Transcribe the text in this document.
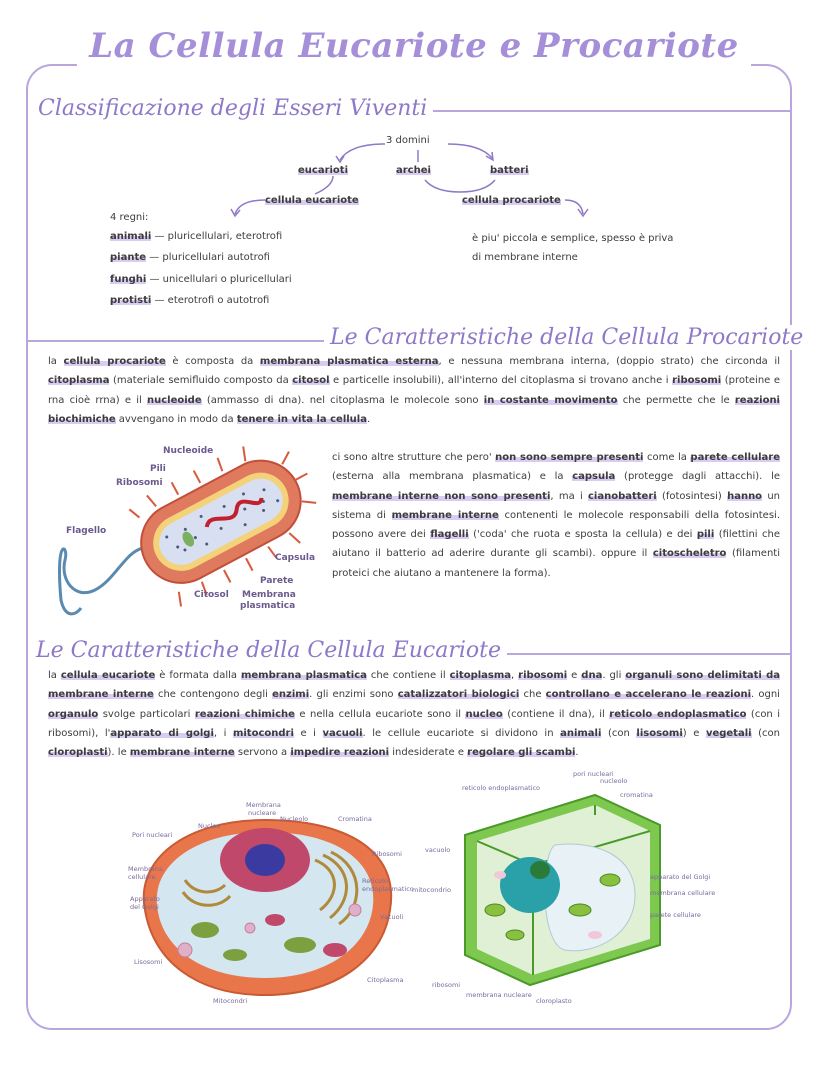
La Cellula Eucariote e Procariote
Classificazione degli Esseri Viventi
3 domini
eucarioti	archei	batteri
cellula eucariote	cellula procariote
4 regni:
animali — pluricellulari, eterotrofi
piante — pluricellulari autotrofi
funghi — unicellulari o pluricellulari
protisti — eterotrofi o autotrofi
è piu' piccola e semplice, spesso è priva
di membrane interne
Le Caratteristiche della Cellula Procariote
la cellula procariote è composta da membrana plasmatica esterna, e nessuna membrana interna, (doppio strato) che circonda il citoplasma (materiale semifluido composto da citosol e particelle insolubili), all'interno del citoplasma si trovano anche i ribosomi (proteine e rna cioè rrna) e il nucleoide (ammasso di dna). nel citoplasma le molecole sono in costante movimento che permette che le reazioni biochimiche avvengano in modo da tenere in vita la cellula.
Nucleoide
Pili
Ribosomi
Flagello
Capsula
Parete
Citosol Membrana
plasmatica
ci sono altre strutture che pero' non sono sempre presenti come la parete cellulare (esterna alla membrana plasmatica) e la capsula (protegge dagli attacchi). le membrane interne non sono presenti, ma i cianobatteri (fotosintesi) hanno un sistema di membrane interne contenenti le molecole responsabili della fotosintesi. possono avere dei flagelli ('coda' che ruota e sposta la cellula) e dei pili (filettini che aiutano il batterio ad aderire durante gli scambi). oppure il citoscheletro (filamenti proteici che aiutano a mantenere la forma).
Le Caratteristiche della Cellula Eucariote
la cellula eucariote è formata dalla membrana plasmatica che contiene il citoplasma, ribosomi e dna. gli organuli sono delimitati da membrane interne che contengono degli enzimi. gli enzimi sono catalizzatori biologici che controllano e accelerano le reazioni. ogni organulo svolge particolari reazioni chimiche e nella cellula eucariote sono il nucleo (contiene il dna), il reticolo endoplasmatico (con i ribosomi), l'apparato di golgi, i mitocondri e i vacuoli. le cellule eucariote si dividono in animali (con lisosomi) e vegetali (con cloroplasti). le membrane interne servono a impedire reazioni indesiderate e regolare gli scambi.
Membrana
nucleare
Nucleolo	Cromatina
Pori nucleari
Nucleo
Ribosomi
Membrana
cellulare	Reticolo
endoplasmatico
Apparato
del Golgi
Vacuoli
Lisosomi
Citoplasma
Mitocondri
pori nucleari
nucleolo
reticolo endoplasmatico
cromatina
vacuolo
apparato del Golgi
mitocondrio	membrana cellulare
parete cellulare
ribosomi
membrana nucleare
cloroplasto
